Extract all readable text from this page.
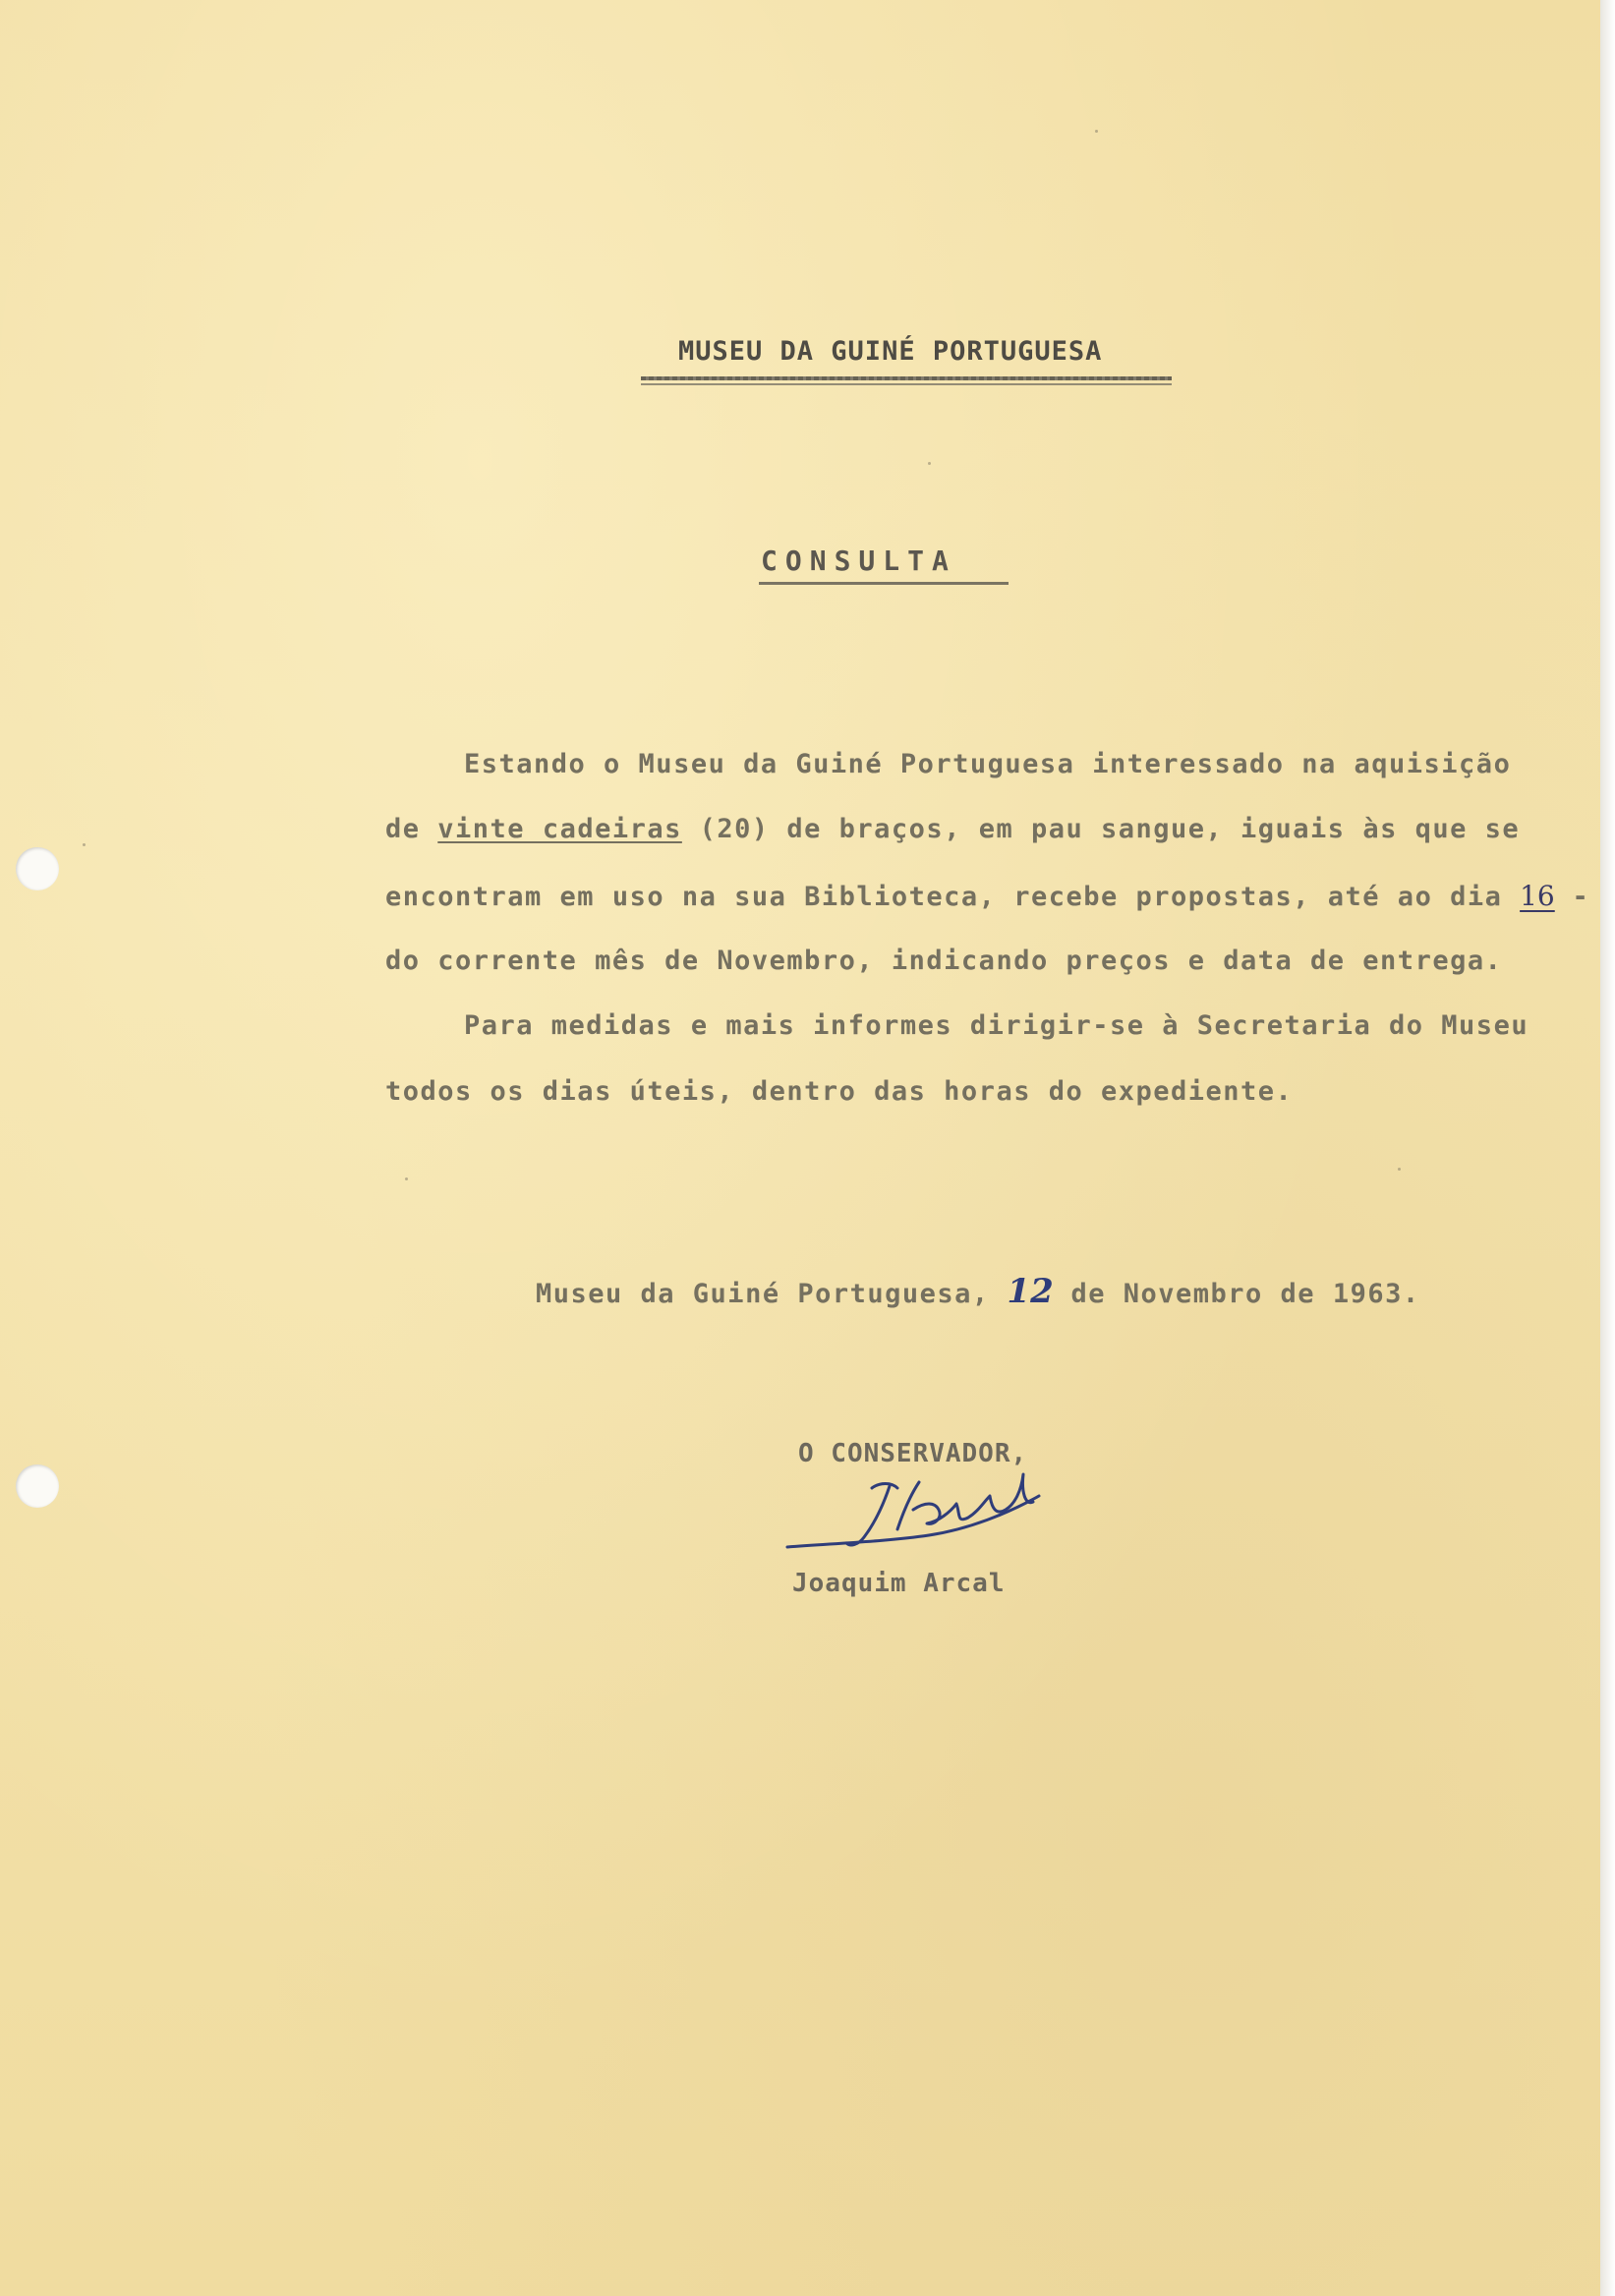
MUSEU DA GUINÉ PORTUGUESA
CONSULTA
Estando o Museu da Guiné Portuguesa interessado na aquisição
de vinte cadeiras (20) de braços, em pau sangue, iguais às que se
encontram em uso na sua Biblioteca, recebe propostas, até ao dia 16 -
do corrente mês de Novembro, indicando preços e data de entrega.
Para medidas e mais informes dirigir-se à Secretaria do Museu
todos os dias úteis, dentro das horas do expediente.
Museu da Guiné Portuguesa, 12 de Novembro de 1963.
O CONSERVADOR,
Joaquim Arcal
